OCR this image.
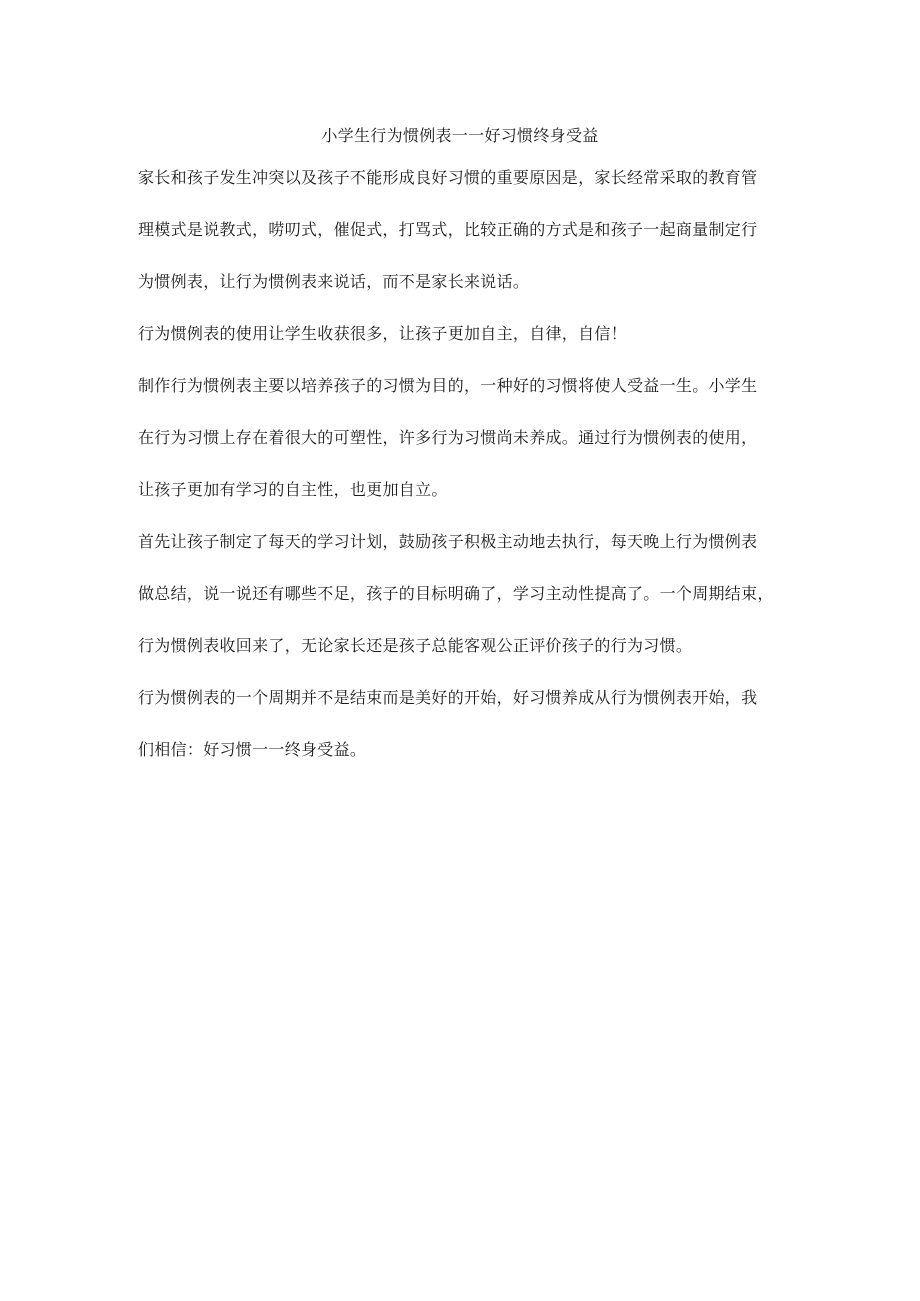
小学生行为惯例表一一好习惯终身受益

家长和孩子发生冲突以及孩子不能形成良好习惯的重要原因是，家长经常采取的教育管
理模式是说教式，唠叨式，催促式，打骂式，比较正确的方式是和孩子一起商量制定行
为惯例表，让行为惯例表来说话，而不是家长来说话。

行为惯例表的使用让学生收获很多，让孩子更加自主，自律，自信！

制作行为惯例表主要以培养孩子的习惯为目的，一种好的习惯将使人受益一生。小学生
在行为习惯上存在着很大的可塑性，许多行为习惯尚未养成。通过行为惯例表的使用，
让孩子更加有学习的自主性，也更加自立。

首先让孩子制定了每天的学习计划，鼓励孩子积极主动地去执行，每天晚上行为惯例表
做总结，说一说还有哪些不足，孩子的目标明确了，学习主动性提高了。一个周期结束，
行为惯例表收回来了，无论家长还是孩子总能客观公正评价孩子的行为习惯。

行为惯例表的一个周期并不是结束而是美好的开始，好习惯养成从行为惯例表开始，我
们相信：好习惯一一终身受益。
